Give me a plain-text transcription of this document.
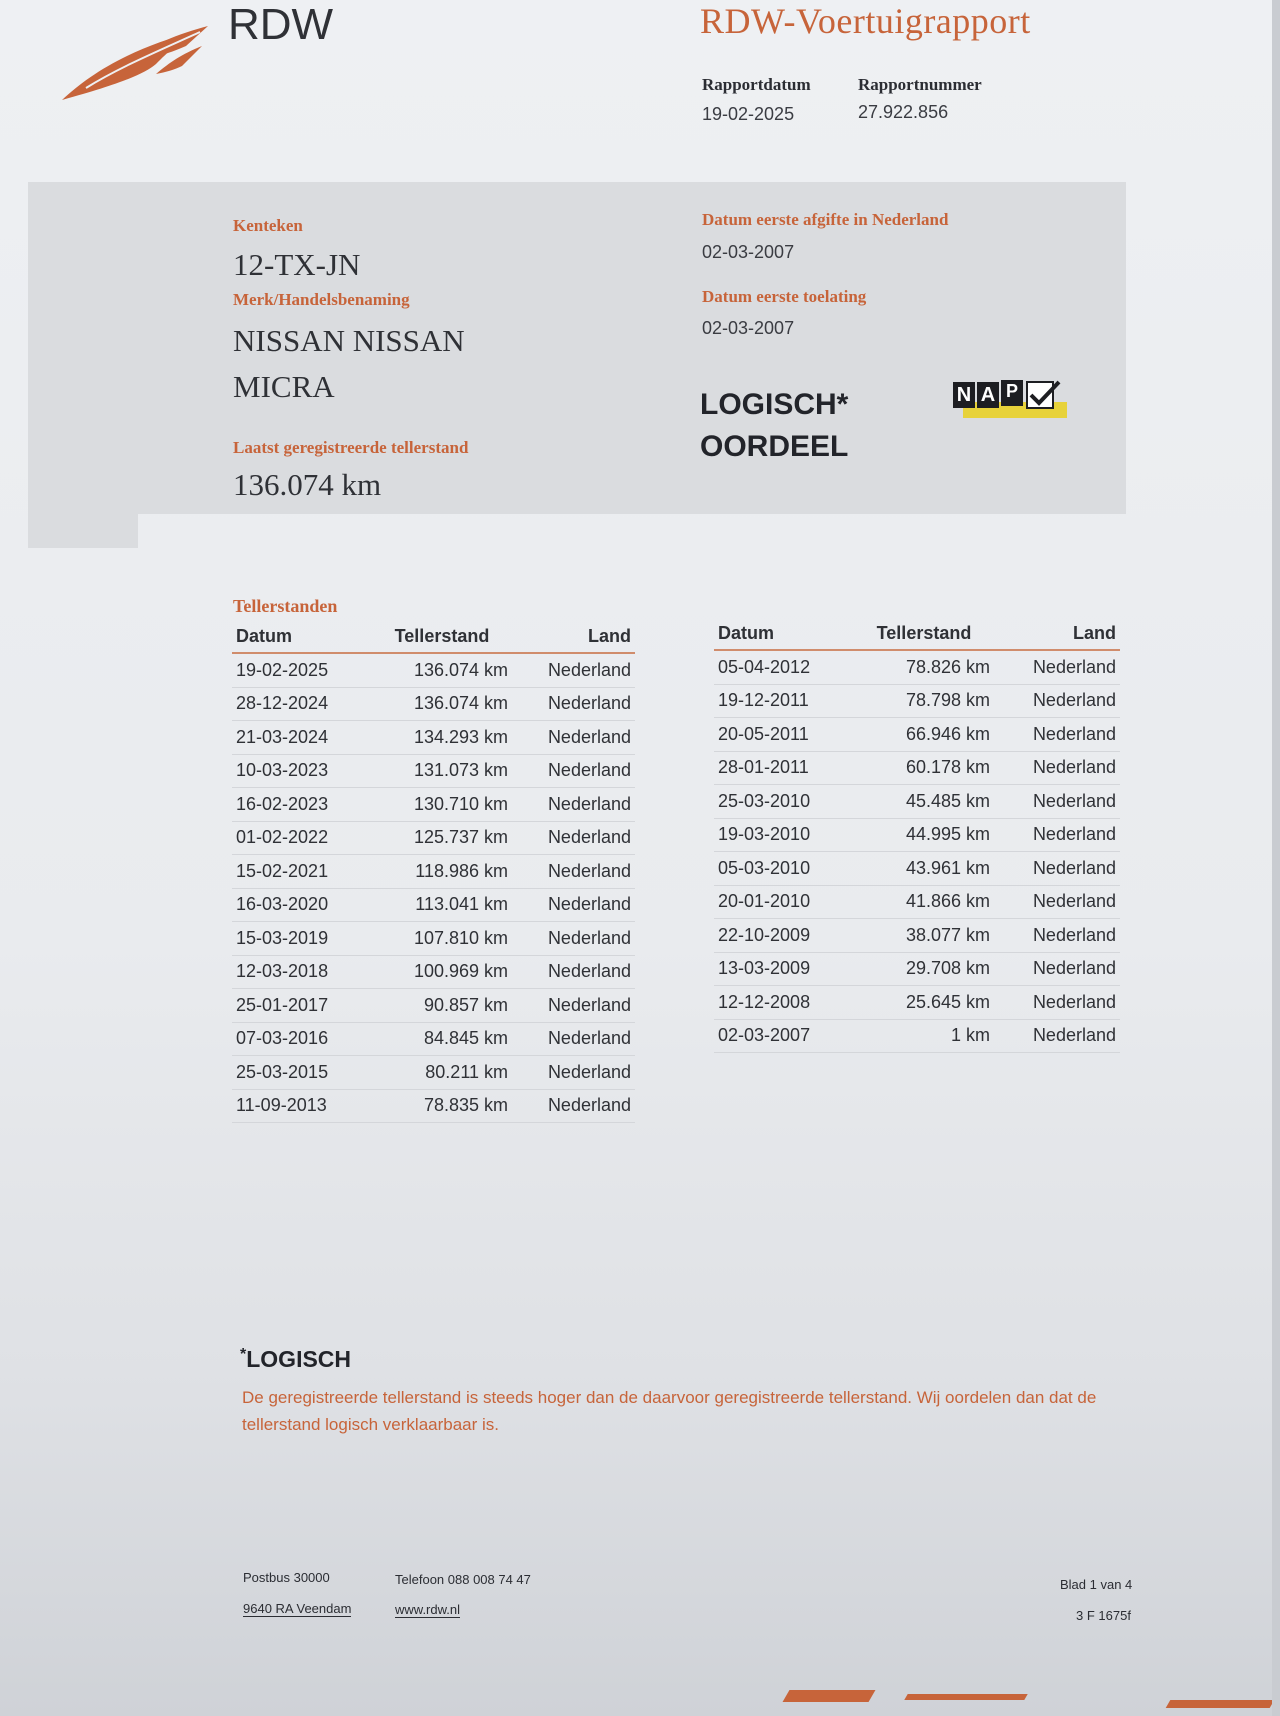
RDW	RDW-Voertuigrapport
Rapportdatum
19-02-2025
Rapportnummer
27.922.856
Kenteken
12-TX-JN
Merk/Handelsbenaming
NISSAN NISSAN
MICRA
Laatst geregistreerde tellerstand
136.074 km
Datum eerste afgifte in Nederland
02-03-2007
Datum eerste toelating
02-03-2007
LOGISCH*
OORDEEL
N A P
Tellerstanden
Datum	Tellerstand	Land
19-02-2025	136.074 km	Nederland
28-12-2024	136.074 km	Nederland
21-03-2024	134.293 km	Nederland
10-03-2023	131.073 km	Nederland
16-02-2023	130.710 km	Nederland
01-02-2022	125.737 km	Nederland
15-02-2021	118.986 km	Nederland
16-03-2020	113.041 km	Nederland
15-03-2019	107.810 km	Nederland
12-03-2018	100.969 km	Nederland
25-01-2017	90.857 km	Nederland
07-03-2016	84.845 km	Nederland
25-03-2015	80.211 km	Nederland
11-09-2013	78.835 km	Nederland
Datum	Tellerstand	Land
05-04-2012	78.826 km	Nederland
19-12-2011	78.798 km	Nederland
20-05-2011	66.946 km	Nederland
28-01-2011	60.178 km	Nederland
25-03-2010	45.485 km	Nederland
19-03-2010	44.995 km	Nederland
05-03-2010	43.961 km	Nederland
20-01-2010	41.866 km	Nederland
22-10-2009	38.077 km	Nederland
13-03-2009	29.708 km	Nederland
12-12-2008	25.645 km	Nederland
02-03-2007	1 km	Nederland
*LOGISCH
De geregistreerde tellerstand is steeds hoger dan de daarvoor geregistreerde tellerstand. Wij oordelen dan dat de tellerstand logisch verklaarbaar is.
Postbus 30000
9640 RA Veendam
Telefoon 088 008 74 47
www.rdw.nl
Blad 1 van 4
3 F 1675f
